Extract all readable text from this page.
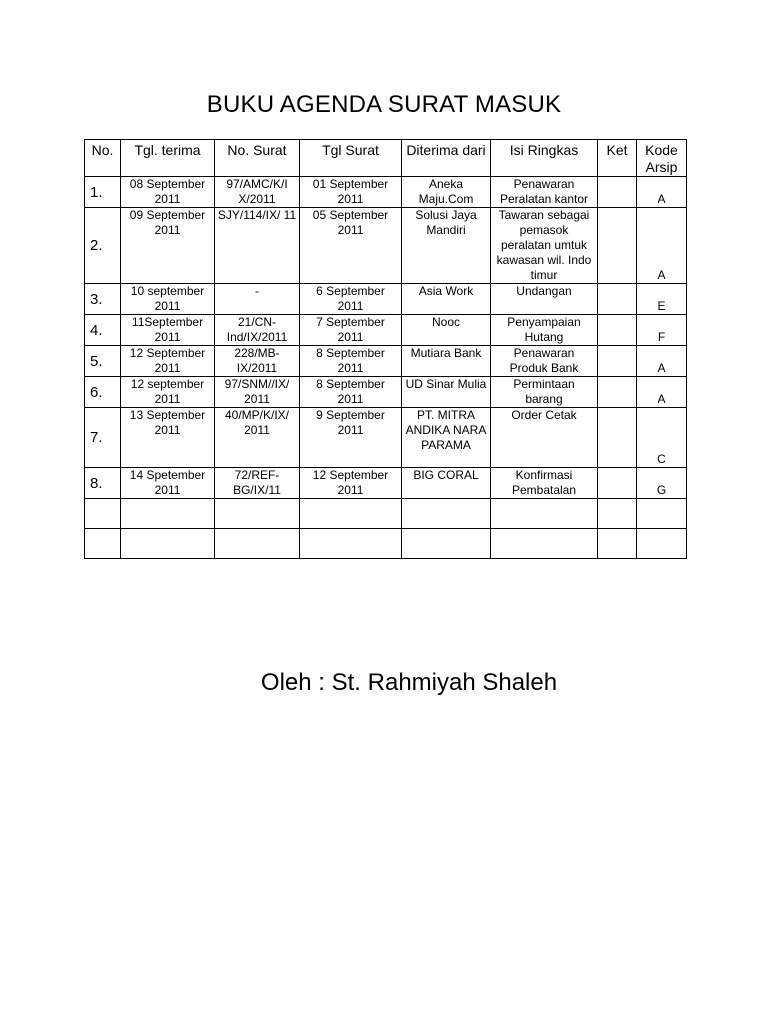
BUKU AGENDA SURAT MASUK
No.	Tgl. terima	No. Surat	Tgl Surat	Diterima dari	Isi Ringkas	Ket	Kode Arsip
1.	08 September 2011	97/AMC/K/I X/2011	01 September 2011	Aneka Maju.Com	Penawaran Peralatan kantor		A
2.	09 September 2011	SJY/114/IX/ 11	05 September 2011	Solusi Jaya Mandiri	Tawaran sebagai pemasok peralatan umtuk kawasan wil. Indo timur		A
3.	10 september 2011	-	6 September 2011	Asia Work	Undangan		E
4.	11September 2011	21/CN-Ind/IX/2011	7 September 2011	Nooc	Penyampaian Hutang		F
5.	12 September 2011	228/MB-IX/2011	8 September 2011	Mutiara Bank	Penawaran Produk Bank		A
6.	12 september 2011	97/SNM//IX/ 2011	8 September 2011	UD Sinar Mulia	Permintaan barang		A
7.	13 September 2011	40/MP/K/IX/ 2011	9 September 2011	PT. MITRA ANDIKA NARA PARAMA	Order Cetak		C
8.	14 Spetember 2011	72/REF-BG/IX/11	12 September 2011	BIG CORAL	Konfirmasi Pembatalan		G

Oleh : St. Rahmiyah Shaleh
